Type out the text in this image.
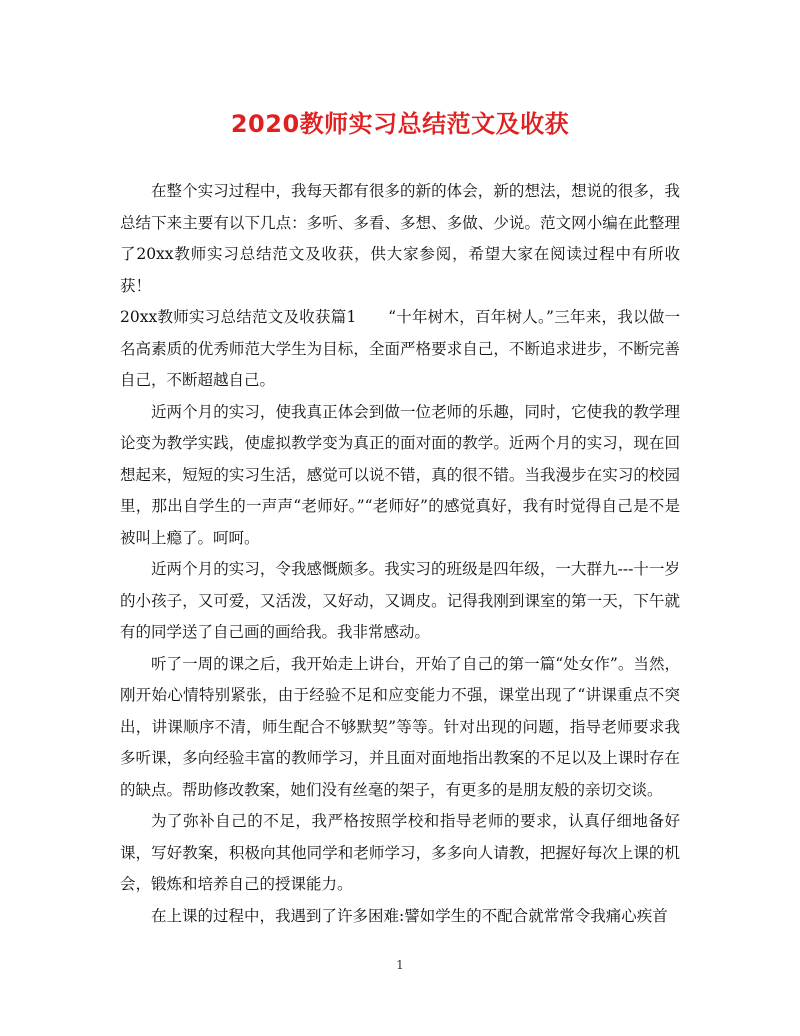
2020教师实习总结范文及收获

在整个实习过程中，我每天都有很多的新的体会，新的想法，想说的很多，我总结下来主要有以下几点：多听、多看、多想、多做、少说。范文网小编在此整理了20xx教师实习总结范文及收获，供大家参阅，希望大家在阅读过程中有所收获！

20xx教师实习总结范文及收获篇1　　“十年树木，百年树人。”三年来，我以做一名高素质的优秀师范大学生为目标，全面严格要求自己，不断追求进步，不断完善自己，不断超越自己。

近两个月的实习，使我真正体会到做一位老师的乐趣，同时，它使我的教学理论变为教学实践，使虚拟教学变为真正的面对面的教学。近两个月的实习，现在回想起来，短短的实习生活，感觉可以说不错，真的很不错。当我漫步在实习的校园里，那出自学生的一声声“老师好。”“老师好”的感觉真好，我有时觉得自己是不是被叫上瘾了。呵呵。

近两个月的实习，令我感慨颇多。我实习的班级是四年级，一大群九---十一岁的小孩子，又可爱，又活泼，又好动，又调皮。记得我刚到课室的第一天，下午就有的同学送了自己画的画给我。我非常感动。

听了一周的课之后，我开始走上讲台，开始了自己的第一篇“处女作”。当然，刚开始心情特别紧张，由于经验不足和应变能力不强，课堂出现了“讲课重点不突出，讲课顺序不清，师生配合不够默契”等等。针对出现的问题，指导老师要求我多听课，多向经验丰富的教师学习，并且面对面地指出教案的不足以及上课时存在的缺点。帮助修改教案，她们没有丝毫的架子，有更多的是朋友般的亲切交谈。

为了弥补自己的不足，我严格按照学校和指导老师的要求，认真仔细地备好课，写好教案，积极向其他同学和老师学习，多多向人请教，把握好每次上课的机会，锻炼和培养自己的授课能力。

在上课的过程中，我遇到了许多困难:譬如学生的不配合就常常令我痛心疾首

1
